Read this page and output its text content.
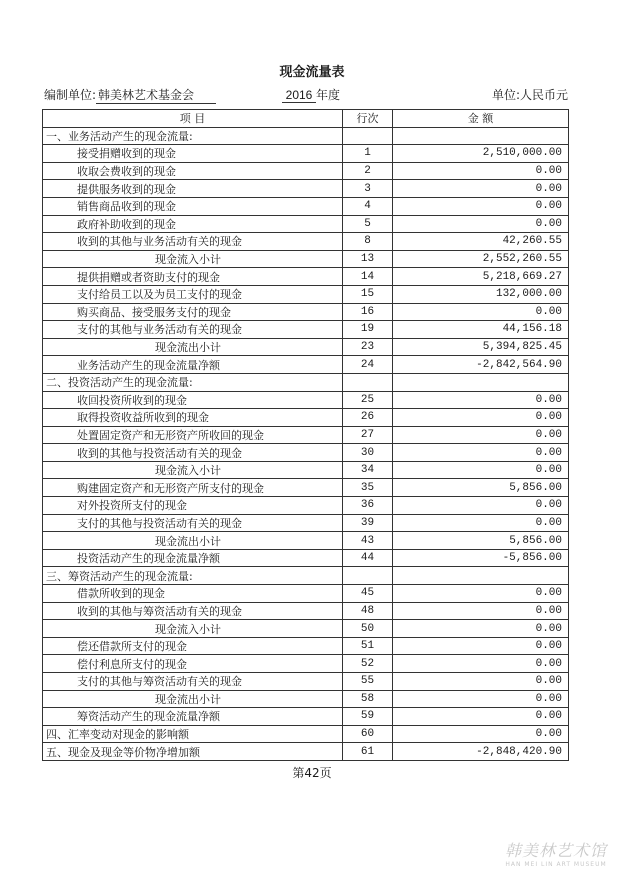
现金流量表
编制单位: 韩美林艺术基金会	2016 年度	单位:人民币元
项 目	行次	金 额
一、业务活动产生的现金流量:		
接受捐赠收到的现金	1	2,510,000.00
收取会费收到的现金	2	0.00
提供服务收到的现金	3	0.00
销售商品收到的现金	4	0.00
政府补助收到的现金	5	0.00
收到的其他与业务活动有关的现金	8	42,260.55
现金流入小计	13	2,552,260.55
提供捐赠或者资助支付的现金	14	5,218,669.27
支付给员工以及为员工支付的现金	15	132,000.00
购买商品、接受服务支付的现金	16	0.00
支付的其他与业务活动有关的现金	19	44,156.18
现金流出小计	23	5,394,825.45
业务活动产生的现金流量净额	24	-2,842,564.90
二、投资活动产生的现金流量:		
收回投资所收到的现金	25	0.00
取得投资收益所收到的现金	26	0.00
处置固定资产和无形资产所收回的现金	27	0.00
收到的其他与投资活动有关的现金	30	0.00
现金流入小计	34	0.00
购建固定资产和无形资产所支付的现金	35	5,856.00
对外投资所支付的现金	36	0.00
支付的其他与投资活动有关的现金	39	0.00
现金流出小计	43	5,856.00
投资活动产生的现金流量净额	44	-5,856.00
三、筹资活动产生的现金流量:		
借款所收到的现金	45	0.00
收到的其他与筹资活动有关的现金	48	0.00
现金流入小计	50	0.00
偿还借款所支付的现金	51	0.00
偿付利息所支付的现金	52	0.00
支付的其他与筹资活动有关的现金	55	0.00
现金流出小计	58	0.00
筹资活动产生的现金流量净额	59	0.00
四、汇率变动对现金的影响额	60	0.00
五、现金及现金等价物净增加额	61	-2,848,420.90
第42页
韩美林艺术馆
HAN MEI LIN ART MUSEUM
